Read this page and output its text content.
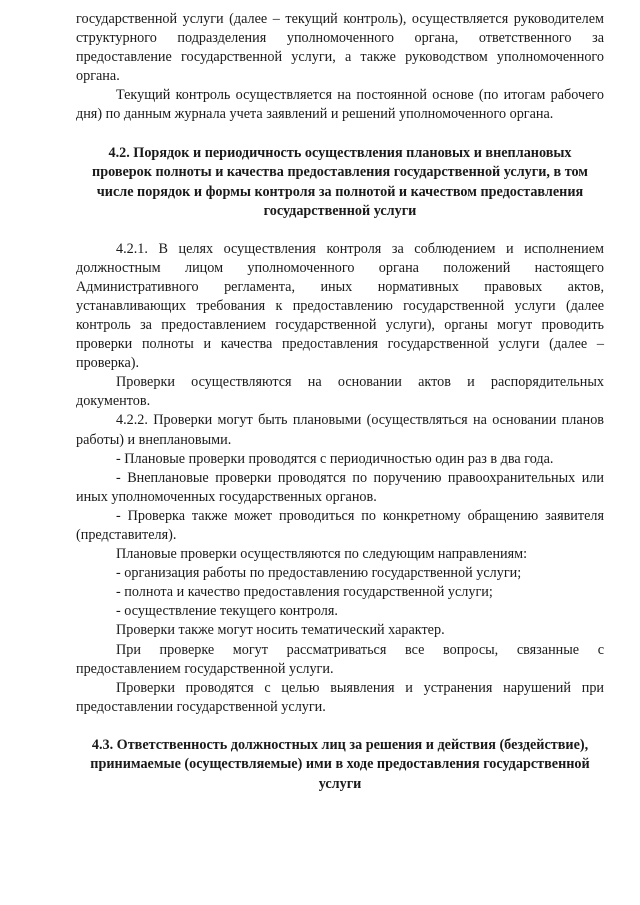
государственной услуги (далее – текущий контроль), осуществляется руководителем структурного подразделения уполномоченного органа, ответственного за предоставление государственной услуги, а также руководством уполномоченного органа.

Текущий контроль осуществляется на постоянной основе (по итогам рабочего дня) по данным журнала учета заявлений и решений уполномоченного органа.

4.2. Порядок и периодичность осуществления плановых и внеплановых проверок полноты и качества предоставления государственной услуги, в том числе порядок и формы контроля за полнотой и качеством предоставления государственной услуги

4.2.1. В целях осуществления контроля за соблюдением и исполнением должностным лицом уполномоченного органа положений настоящего Административного регламента, иных нормативных правовых актов, устанавливающих требования к предоставлению государственной услуги (далее контроль за предоставлением государственной услуги), органы могут проводить проверки полноты и качества предоставления государственной услуги (далее – проверка).

Проверки осуществляются на основании актов и распорядительных документов.

4.2.2. Проверки могут быть плановыми (осуществляться на основании планов работы) и внеплановыми.

- Плановые проверки проводятся с периодичностью один раз в два года.

- Внеплановые проверки проводятся по поручению правоохранительных или иных уполномоченных государственных органов.

- Проверка также может проводиться по конкретному обращению заявителя (представителя).

Плановые проверки осуществляются по следующим направлениям:

- организация работы по предоставлению государственной услуги;

- полнота и качество предоставления государственной услуги;

- осуществление текущего контроля.

Проверки также могут носить тематический характер.

При проверке могут рассматриваться все вопросы, связанные с предоставлением государственной услуги.

Проверки проводятся с целью выявления и устранения нарушений при предоставлении государственной услуги.

4.3. Ответственность должностных лиц за решения и действия (бездействие), принимаемые (осуществляемые) ими в ходе предоставления государственной услуги
